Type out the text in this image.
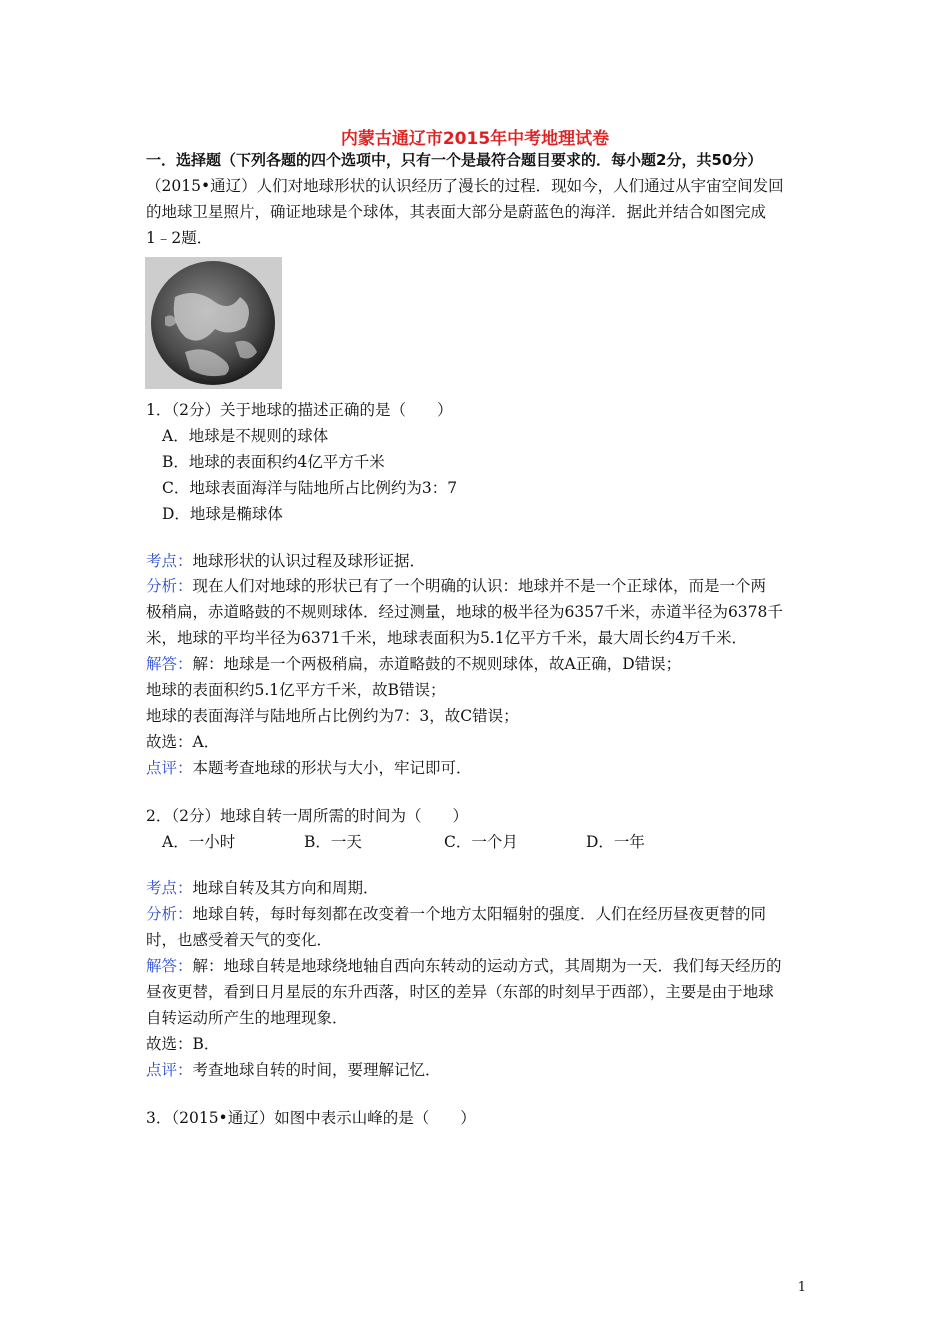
内蒙古通辽市2015年中考地理试卷
一．选择题（下列各题的四个选项中，只有一个是最符合题目要求的．每小题2分，共50分）
（2015•通辽）人们对地球形状的认识经历了漫长的过程．现如今，人们通过从宇宙空间发回
的地球卫星照片，确证地球是个球体，其表面大部分是蔚蓝色的海洋．据此并结合如图完成
1﹣2题．
1．（2分）关于地球的描述正确的是（　　）
A．地球是不规则的球体
B．地球的表面积约4亿平方千米
C．地球表面海洋与陆地所占比例约为3：7
D．地球是椭球体
考点：地球形状的认识过程及球形证据．
分析：现在人们对地球的形状已有了一个明确的认识：地球并不是一个正球体，而是一个两
极稍扁，赤道略鼓的不规则球体．经过测量，地球的极半径为6357千米，赤道半径为6378千
米，地球的平均半径为6371千米，地球表面积为5.1亿平方千米，最大周长约4万千米．
解答：解：地球是一个两极稍扁，赤道略鼓的不规则球体，故A正确，D错误；
地球的表面积约5.1亿平方千米，故B错误；
地球的表面海洋与陆地所占比例约为7：3，故C错误；
故选：A．
点评：本题考查地球的形状与大小，牢记即可．
2．（2分）地球自转一周所需的时间为（　　）
A．一小时	B．一天	C．一个月	D．一年
考点：地球自转及其方向和周期．
分析：地球自转，每时每刻都在改变着一个地方太阳辐射的强度．人们在经历昼夜更替的同
时，也感受着天气的变化．
解答：解：地球自转是地球绕地轴自西向东转动的运动方式，其周期为一天．我们每天经历的
昼夜更替，看到日月星辰的东升西落，时区的差异（东部的时刻早于西部），主要是由于地球
自转运动所产生的地理现象．
故选：B．
点评：考查地球自转的时间，要理解记忆．
3．（2015•通辽）如图中表示山峰的是（　　）
1
